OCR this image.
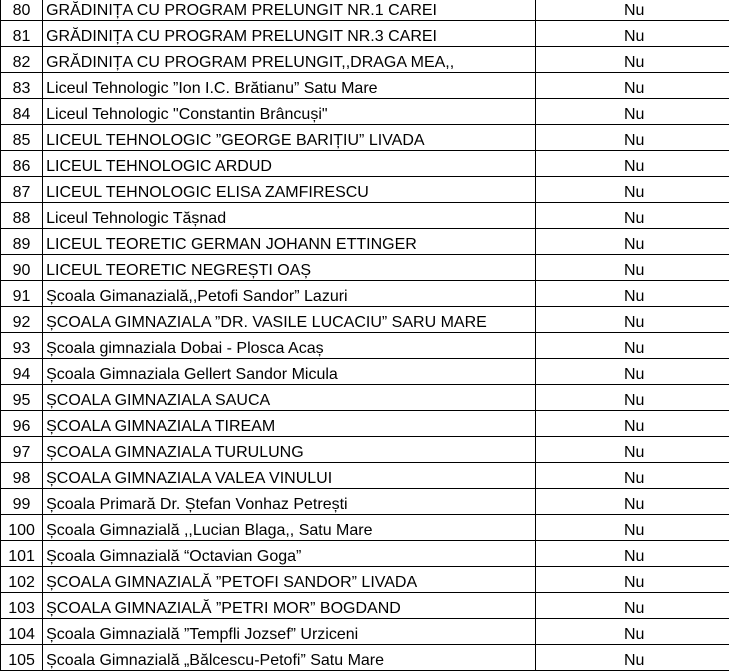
80	GRĂDINIȚA CU PROGRAM PRELUNGIT NR.1 CAREI	Nu
81	GRĂDINIȚA CU PROGRAM PRELUNGIT NR.3 CAREI	Nu
82	GRĂDINIȚA CU PROGRAM PRELUNGIT,,DRAGA MEA,,	Nu
83	Liceul Tehnologic ”Ion I.C. Brătianu” Satu Mare	Nu
84	Liceul Tehnologic "Constantin Brâncuși"	Nu
85	LICEUL TEHNOLOGIC ”GEORGE BARIȚIU” LIVADA	Nu
86	LICEUL TEHNOLOGIC ARDUD	Nu
87	LICEUL TEHNOLOGIC ELISA ZAMFIRESCU	Nu
88	Liceul Tehnologic Tășnad	Nu
89	LICEUL TEORETIC GERMAN JOHANN ETTINGER	Nu
90	LICEUL TEORETIC NEGREȘTI OAȘ	Nu
91	Școala Gimanazială,,Petofi Sandor” Lazuri	Nu
92	ȘCOALA GIMNAZIALA ”DR. VASILE LUCACIU” SARU MARE	Nu
93	Școala gimnaziala Dobai - Plosca Acaș	Nu
94	Școala Gimnaziala Gellert Sandor Micula	Nu
95	ȘCOALA GIMNAZIALA SAUCA	Nu
96	ȘCOALA GIMNAZIALA TIREAM	Nu
97	ȘCOALA GIMNAZIALA TURULUNG	Nu
98	ȘCOALA GIMNAZIALA VALEA VINULUI	Nu
99	Școala Primară Dr. Ștefan Vonhaz Petrești	Nu
100	Școala Gimnazială ,,Lucian Blaga,, Satu Mare	Nu
101	Școala Gimnazială “Octavian Goga”	Nu
102	ȘCOALA GIMNAZIALĂ ”PETOFI SANDOR” LIVADA	Nu
103	ȘCOALA GIMNAZIALĂ ”PETRI MOR” BOGDAND	Nu
104	Școala Gimnazială ”Tempfli Jozsef” Urziceni	Nu
105	Școala Gimnazială „Bălcescu-Petofi” Satu Mare	Nu
